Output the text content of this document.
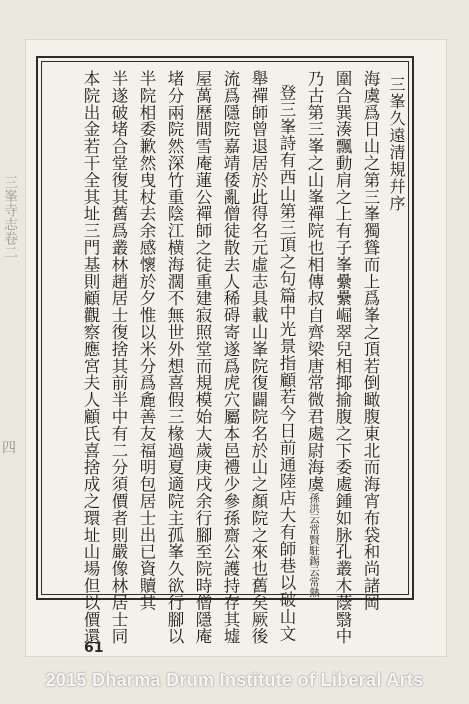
三峯寺志卷二
四
三峯久遠清規幷序
海虞爲日山之第三峯獨聳而上爲峯之頂若倒瞰腹東北而海宵布袋和尚諸岡
圍合巽湊飄動肩之上有子峯纍纍崛翠兒相揶揄腹之下委處鍾如脉孔叢木蔭翳中
乃古第三峯之山峯禪院也相傳叔自齊梁唐常微君處尉海虞孫洪云常賢駐錫云常熱
登三峯詩有西山第三頂之句篇中光景指顧若今日前通陸店大有師巷以破山文
舉禪師曾退居於此得名元虛志具載山峯院復闢院名於山之顏院之來也舊矣厥後
流爲隱院嘉靖倭亂僧徒散去人稀碍寄遂爲虎穴屬本邑禮少參孫齋公護持存其墟
屋萬歷間雪庵蓮公禪師之徒重建寂照堂而規模始大歲庚戌余行腳至院時僧隱庵
堵分兩院然深竹重陰江横海濶不無世外想喜假三椽過夏適院主孤峯久欲行腳以
半院相委歉然曳杖去余感懷於夕惟以米分爲麁善友福明包居士出已資贖其
半遂破堵合堂復其舊爲叢林趙居士復捨其前半中有二分須價者則嚴像林居士同
本院出金若干全其址三門基則顧觀察應宮夫人顧氏喜捨成之環址山場但以價還
61
2015 Dharma Drum Institute of Liberal Arts
